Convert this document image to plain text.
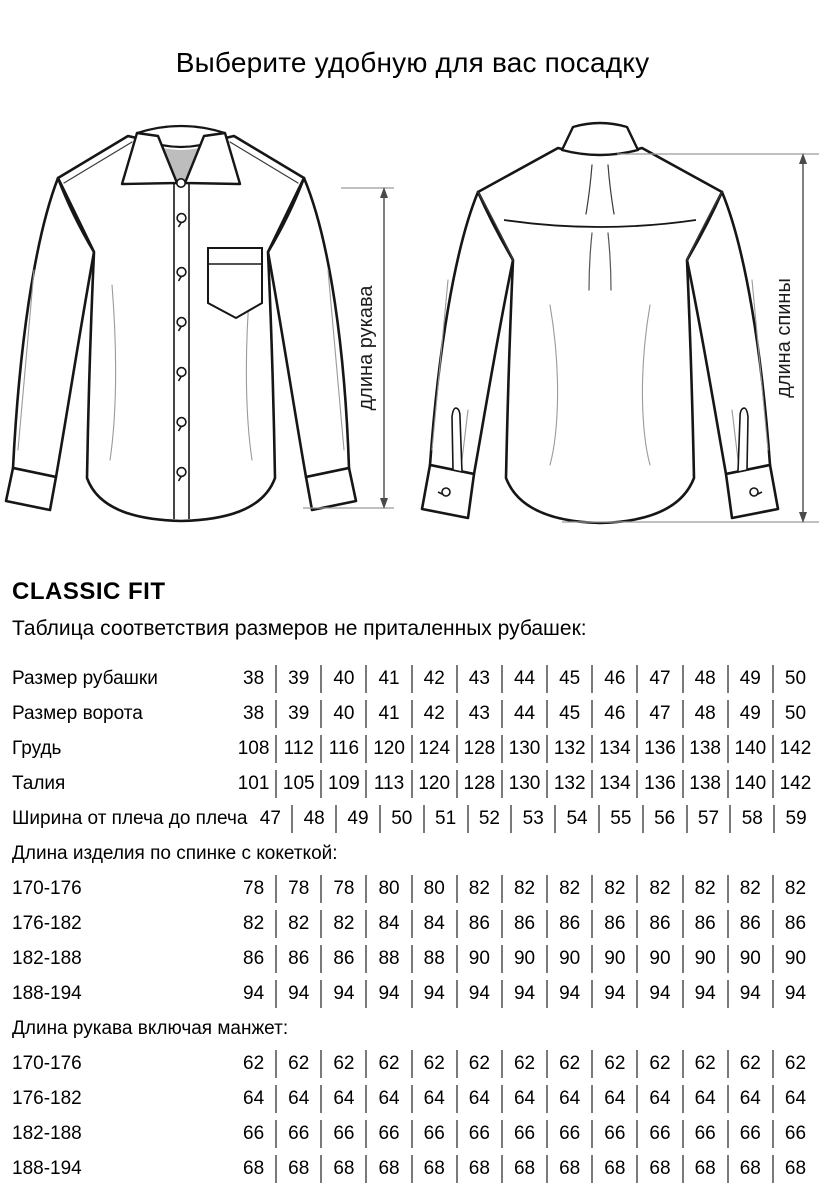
Выберите удобную для вас посадку
длина рукава	длина спины
CLASSIC FIT
Таблица соответствия размеров не приталенных рубашек:
Размер рубашки	38	39	40	41	42	43	44	45	46	47	48	49	50
Размер ворота	38	39	40	41	42	43	44	45	46	47	48	49	50
Грудь	108 112 116 120 124 128 130 132 134 136 138 140 142
Талия	101 105 109 113 120 128 130 132 134 136 138 140 142
Ширина от плеча до плеча 47	48	49	50	51	52	53	54	55	56	57	58	59
Длина изделия по спинке с кокеткой:
170-176	78	78	78	80	80	82	82	82	82	82	82	82	82
176-182	82	82	82	84	84	86	86	86	86	86	86	86	86
182-188	86	86	86	88	88	90	90	90	90	90	90	90	90
188-194	94	94	94	94	94	94	94	94	94	94	94	94	94
Длина рукава включая манжет:
170-176	62	62	62	62	62	62	62	62	62	62	62	62	62
176-182	64	64	64	64	64	64	64	64	64	64	64	64	64
182-188	66	66	66	66	66	66	66	66	66	66	66	66	66
188-194	68	68	68	68	68	68	68	68	68	68	68	68	68
